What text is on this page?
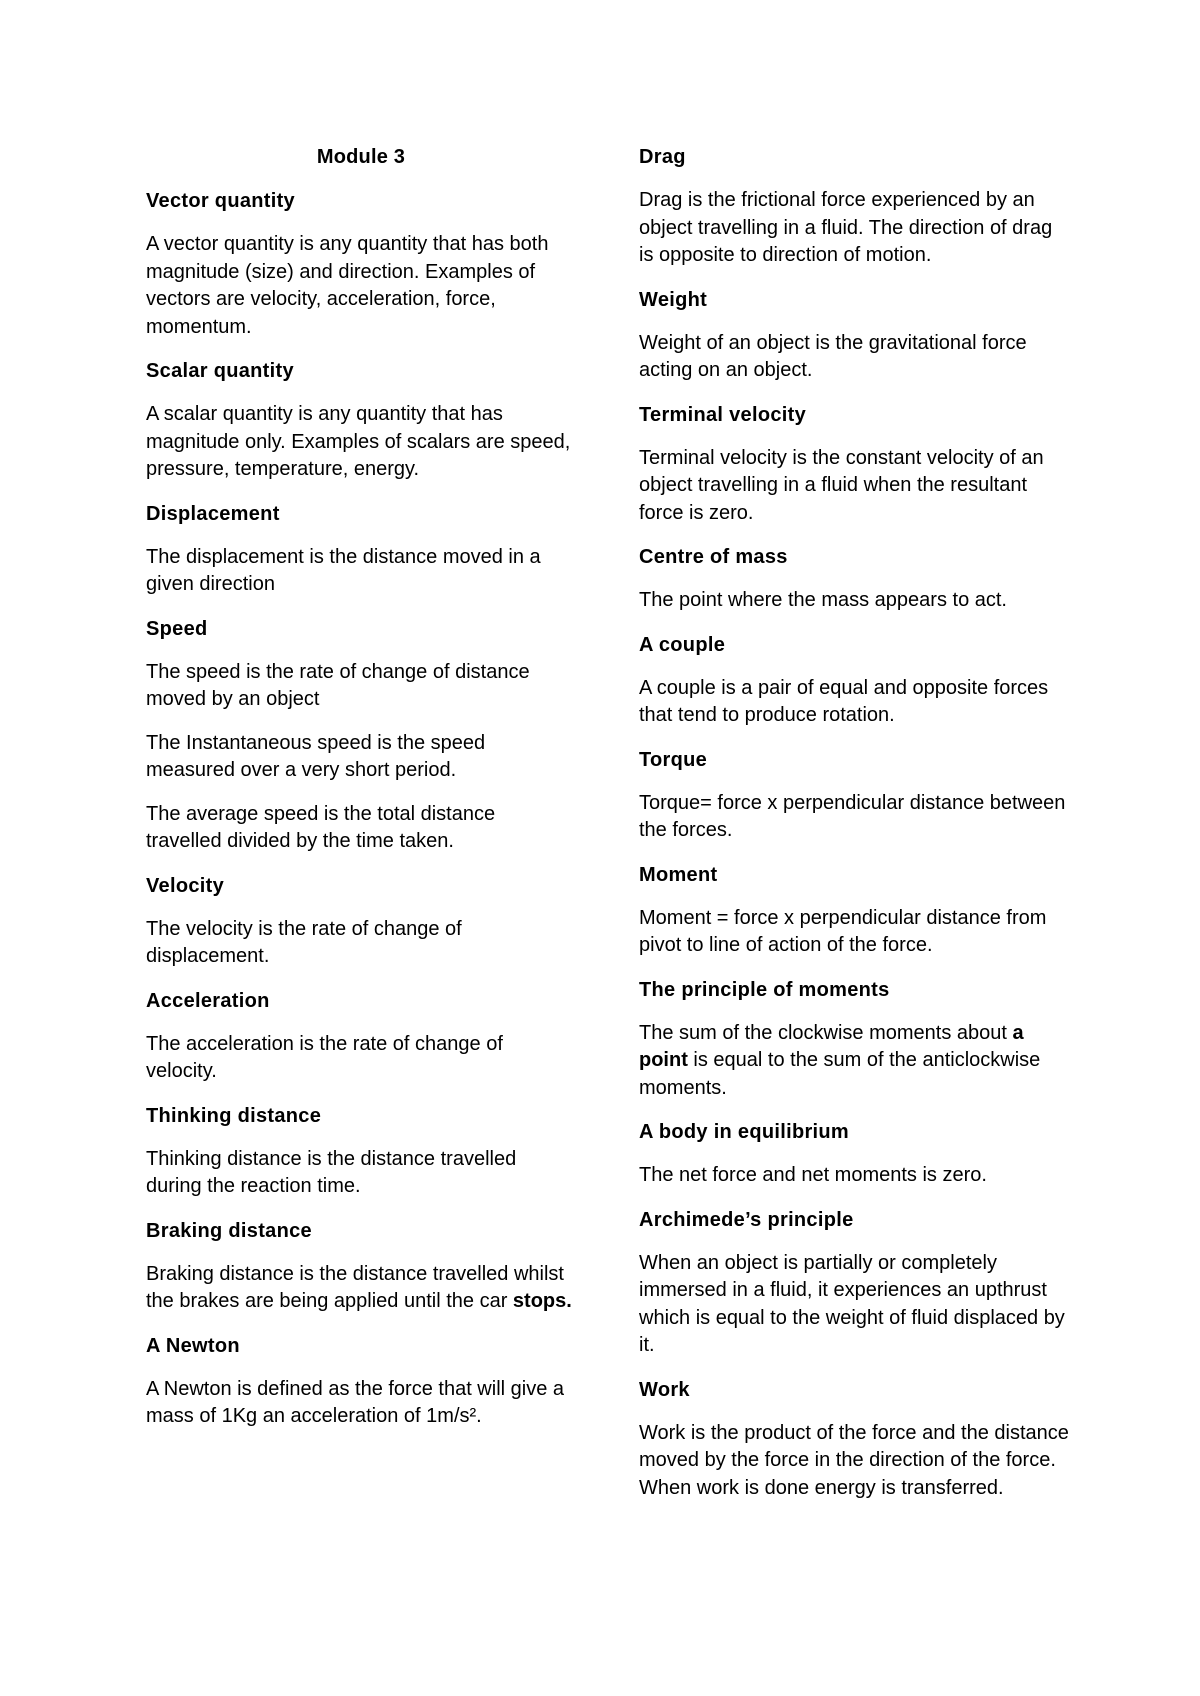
Module 3
Vector quantity
A vector quantity is any quantity that has both magnitude (size) and direction. Examples of vectors are velocity, acceleration, force, momentum.
Scalar quantity
A scalar quantity is any quantity that has magnitude only. Examples of scalars are speed, pressure, temperature, energy.
Displacement
The displacement is the distance moved in a given direction
Speed
The speed is the rate of change of distance moved by an object
The Instantaneous speed is the speed measured over a very short period.
The average speed is the total distance travelled divided by the time taken.
Velocity
The velocity is the rate of change of displacement.
Acceleration
The acceleration is the rate of change of velocity.
Thinking distance
Thinking distance is the distance travelled during the reaction time.
Braking distance
Braking distance is the distance travelled whilst the brakes are being applied until the car stops.
A Newton
A Newton is defined as the force that will give a mass of 1Kg an acceleration of 1m/s².
Drag
Drag is the frictional force experienced by an object travelling in a fluid. The direction of drag is opposite to direction of motion.
Weight
Weight of an object is the gravitational force acting on an object.
Terminal velocity
Terminal velocity is the constant velocity of an object travelling in a fluid when the resultant force is zero.
Centre of mass
The point where the mass appears to act.
A couple
A couple is a pair of equal and opposite forces that tend to produce rotation.
Torque
Torque= force x perpendicular distance between the forces.
Moment
Moment = force x perpendicular distance from pivot to line of action of the force.
The principle of moments
The sum of the clockwise moments about a point is equal to the sum of the anticlockwise moments.
A body in equilibrium
The net force and net moments is zero.
Archimede’s principle
When an object is partially or completely immersed in a fluid, it experiences an upthrust which is equal to the weight of fluid displaced by it.
Work
Work is the product of the force and the distance moved by the force in the direction of the force. When work is done energy is transferred.
